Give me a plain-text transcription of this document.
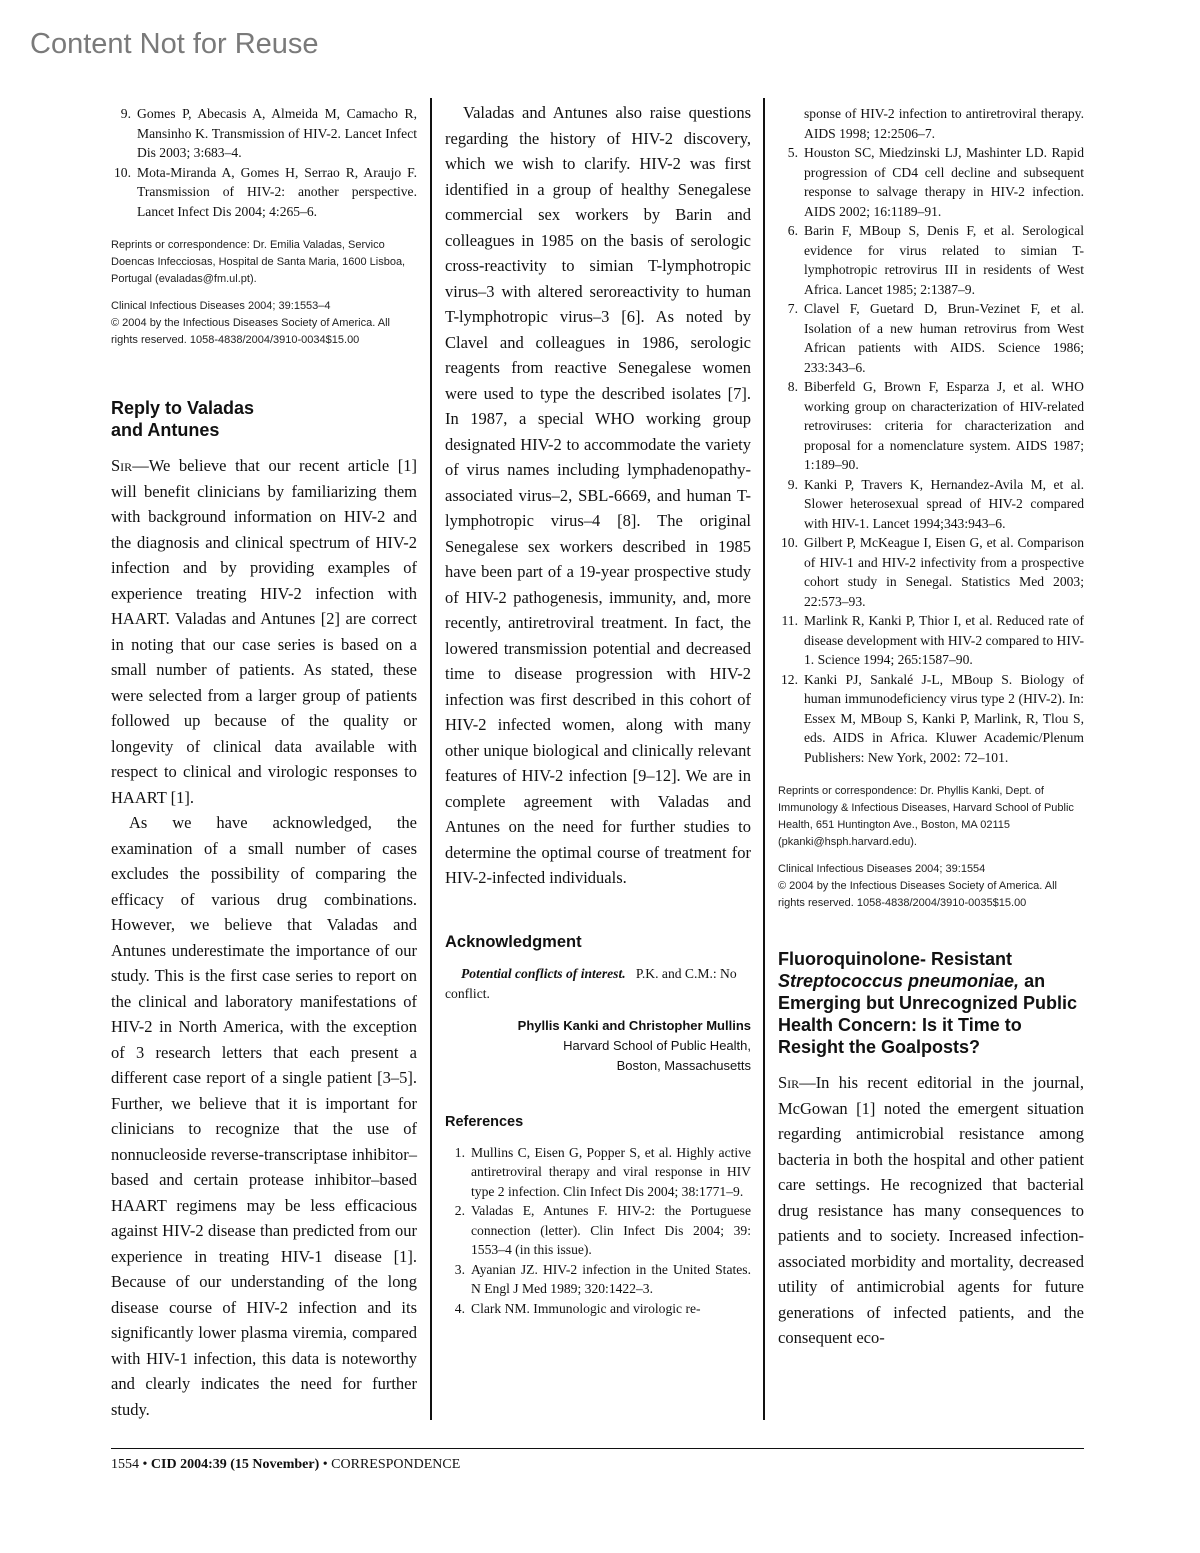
Content Not for Reuse
9. Gomes P, Abecasis A, Almeida M, Camacho R, Mansinho K. Transmission of HIV-2. Lancet Infect Dis 2003; 3:683–4.
10. Mota-Miranda A, Gomes H, Serrao R, Araujo F. Transmission of HIV-2: another perspective. Lancet Infect Dis 2004; 4:265–6.
Reprints or correspondence: Dr. Emilia Valadas, Servico Doencas Infecciosas, Hospital de Santa Maria, 1600 Lisboa, Portugal (evaladas@fm.ul.pt).
Clinical Infectious Diseases 2004; 39:1553–4
© 2004 by the Infectious Diseases Society of America. All rights reserved. 1058-4838/2004/3910-0034$15.00
Reply to Valadas
and Antunes

Sir—We believe that our recent article [1] will benefit clinicians by familiarizing them with background information on HIV-2 and the diagnosis and clinical spectrum of HIV-2 infection and by providing examples of experience treating HIV-2 infection with HAART. Valadas and Antunes [2] are correct in noting that our case series is based on a small number of patients. As stated, these were selected from a larger group of patients followed up because of the quality or longevity of clinical data available with respect to clinical and virologic responses to HAART [1].

As we have acknowledged, the examination of a small number of cases excludes the possibility of comparing the efficacy of various drug combinations. However, we believe that Valadas and Antunes underestimate the importance of our study. This is the first case series to report on the clinical and laboratory manifestations of HIV-2 in North America, with the exception of 3 research letters that each present a different case report of a single patient [3–5]. Further, we believe that it is important for clinicians to recognize that the use of nonnucleoside reverse-transcriptase inhibitor–based and certain protease inhibitor–based HAART regimens may be less efficacious against HIV-2 disease than predicted from our experience in treating HIV-1 disease [1]. Because of our understanding of the long disease course of HIV-2 infection and its significantly lower plasma viremia, compared with HIV-1 infection, this data is noteworthy and clearly indicates the need for further study.

Valadas and Antunes also raise questions regarding the history of HIV-2 discovery, which we wish to clarify. HIV-2 was first identified in a group of healthy Senegalese commercial sex workers by Barin and colleagues in 1985 on the basis of serologic cross-reactivity to simian T-lymphotropic virus–3 with altered seroreactivity to human T-lymphotropic virus–3 [6]. As noted by Clavel and colleagues in 1986, serologic reagents from reactive Senegalese women were used to type the described isolates [7]. In 1987, a special WHO working group designated HIV-2 to accommodate the variety of virus names including lymphadenopathy-associated virus–2, SBL-6669, and human T-lymphotropic virus–4 [8]. The original Senegalese sex workers described in 1985 have been part of a 19-year prospective study of HIV-2 pathogenesis, immunity, and, more recently, antiretroviral treatment. In fact, the lowered transmission potential and decreased time to disease progression with HIV-2 infection was first described in this cohort of HIV-2 infected women, along with many other unique biological and clinically relevant features of HIV-2 infection [9–12]. We are in complete agreement with Valadas and Antunes on the need for further studies to determine the optimal course of treatment for HIV-2-infected individuals.

Acknowledgment

Potential conflicts of interest. P.K. and C.M.: No conflict.

Phyllis Kanki and Christopher Mullins
Harvard School of Public Health,
Boston, Massachusetts
References
1. Mullins C, Eisen G, Popper S, et al. Highly active antiretroviral therapy and viral response in HIV type 2 infection. Clin Infect Dis 2004; 38:1771–9.
2. Valadas E, Antunes F. HIV-2: the Portuguese connection (letter). Clin Infect Dis 2004; 39: 1553–4 (in this issue).
3. Ayanian JZ. HIV-2 infection in the United States. N Engl J Med 1989; 320:1422–3.
4. Clark NM. Immunologic and virologic re-
sponse of HIV-2 infection to antiretroviral therapy. AIDS 1998; 12:2506–7.
5. Houston SC, Miedzinski LJ, Mashinter LD. Rapid progression of CD4 cell decline and subsequent response to salvage therapy in HIV-2 infection. AIDS 2002; 16:1189–91.
6. Barin F, MBoup S, Denis F, et al. Serological evidence for virus related to simian T-lymphotropic retrovirus III in residents of West Africa. Lancet 1985; 2:1387–9.
7. Clavel F, Guetard D, Brun-Vezinet F, et al. Isolation of a new human retrovirus from West African patients with AIDS. Science 1986; 233:343–6.
8. Biberfeld G, Brown F, Esparza J, et al. WHO working group on characterization of HIV-related retroviruses: criteria for characterization and proposal for a nomenclature system. AIDS 1987; 1:189–90.
9. Kanki P, Travers K, Hernandez-Avila M, et al. Slower heterosexual spread of HIV-2 compared with HIV-1. Lancet 1994;343:943–6.
10. Gilbert P, McKeague I, Eisen G, et al. Comparison of HIV-1 and HIV-2 infectivity from a prospective cohort study in Senegal. Statistics Med 2003; 22:573–93.
11. Marlink R, Kanki P, Thior I, et al. Reduced rate of disease development with HIV-2 compared to HIV-1. Science 1994; 265:1587–90.
12. Kanki PJ, Sankalé J-L, MBoup S. Biology of human immunodeficiency virus type 2 (HIV-2). In: Essex M, MBoup S, Kanki P, Marlink, R, Tlou S, eds. AIDS in Africa. Kluwer Academic/Plenum Publishers: New York, 2002: 72–101.
Reprints or correspondence: Dr. Phyllis Kanki, Dept. of Immunology & Infectious Diseases, Harvard School of Public Health, 651 Huntington Ave., Boston, MA 02115 (pkanki@hsph.harvard.edu).
Clinical Infectious Diseases 2004; 39:1554
© 2004 by the Infectious Diseases Society of America. All rights reserved. 1058-4838/2004/3910-0035$15.00
Fluoroquinolone- Resistant Streptococcus pneumoniae, an Emerging but Unrecognized Public Health Concern: Is it Time to Resight the Goalposts?

Sir—In his recent editorial in the journal, McGowan [1] noted the emergent situation regarding antimicrobial resistance among bacteria in both the hospital and other patient care settings. He recognized that bacterial drug resistance has many consequences to patients and to society. Increased infection-associated morbidity and mortality, decreased utility of antimicrobial agents for future generations of infected patients, and the consequent eco-

1554 • CID 2004:39 (15 November) • CORRESPONDENCE
